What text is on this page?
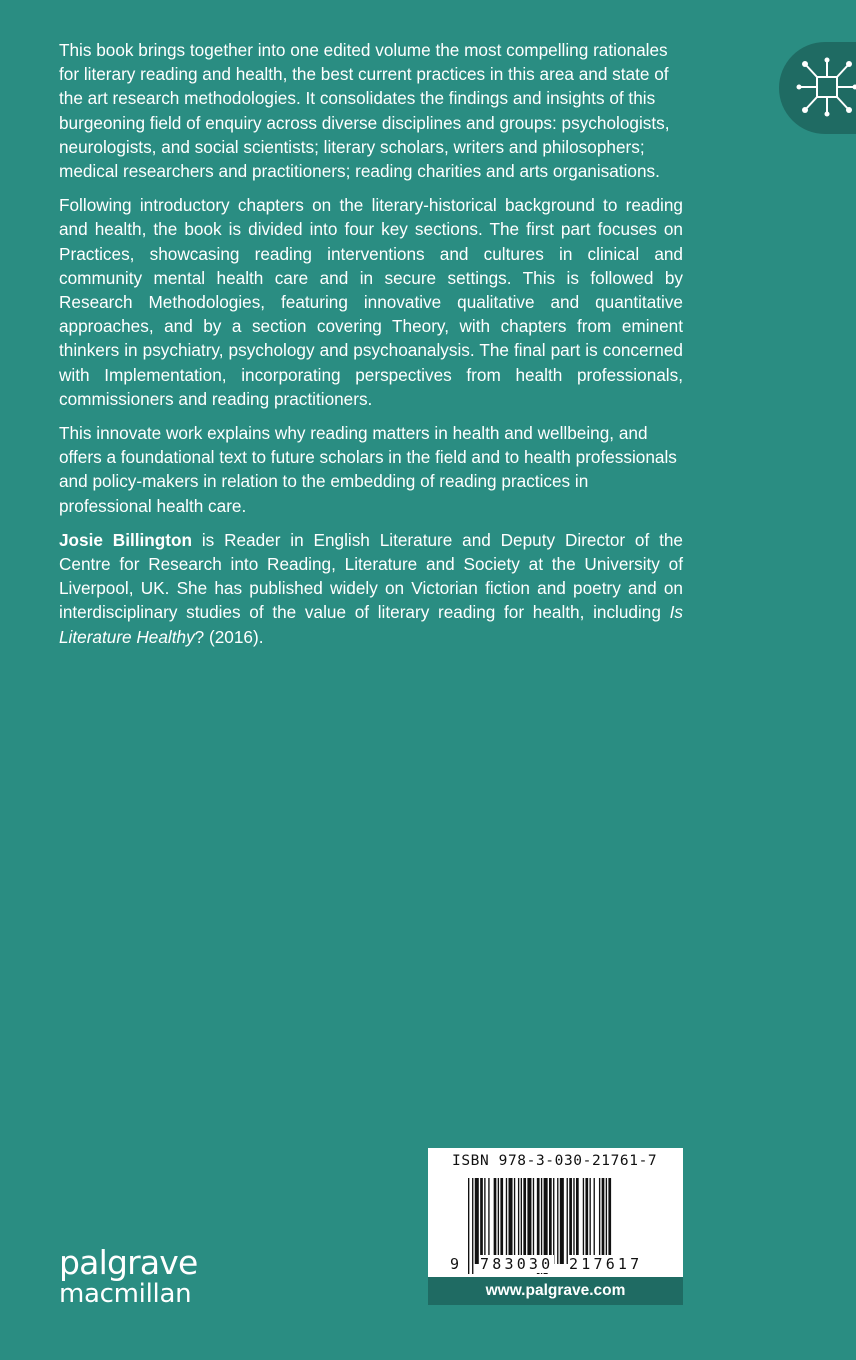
This book brings together into one edited volume the most compelling rationales for literary reading and health, the best current practices in this area and state of the art research methodologies. It consolidates the findings and insights of this burgeoning field of enquiry across diverse disciplines and groups: psychologists, neurologists, and social scientists; literary scholars, writers and philosophers; medical researchers and practitioners; reading charities and arts organisations.

Following introductory chapters on the literary-historical background to reading and health, the book is divided into four key sections. The first part focuses on Practices, showcasing reading interventions and cultures in clinical and community mental health care and in secure settings. This is followed by Research Methodologies, featuring innovative qualitative and quantitative approaches, and by a section covering Theory, with chapters from eminent thinkers in psychiatry, psychology and psychoanalysis. The final part is concerned with Implementation, incorporating perspectives from health professionals, commissioners and reading practitioners.

This innovate work explains why reading matters in health and wellbeing, and offers a foundational text to future scholars in the field and to health professionals and policy-makers in relation to the embedding of reading practices in professional health care.

Josie Billington is Reader in English Literature and Deputy Director of the Centre for Research into Reading, Literature and Society at the University of Liverpool, UK. She has published widely on Victorian fiction and poetry and on interdisciplinary studies of the value of literary reading for health, including Is Literature Healthy? (2016).

palgrave
macmillan
ISBN 978-3-030-21761-7
9 783030 217617
www.palgrave.com
